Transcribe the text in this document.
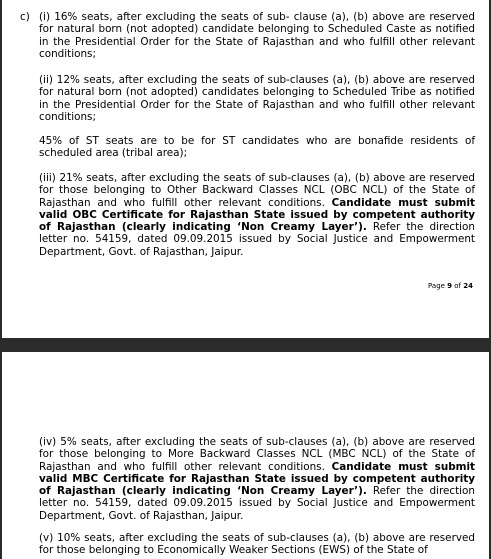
c) (i) 16% seats, after excluding the seats of sub- clause (a), (b) above are reserved for natural born (not adopted) candidate belonging to Scheduled Caste as notified in the Presidential Order for the State of Rajasthan and who fulfill other relevant conditions;

(ii) 12% seats, after excluding the seats of sub-clauses (a), (b) above are reserved for natural born (not adopted) candidates belonging to Scheduled Tribe as notified in the Presidential Order for the State of Rajasthan and who fulfill other relevant conditions;

45% of ST seats are to be for ST candidates who are bonafide residents of scheduled area (tribal area);

(iii) 21% seats, after excluding the seats of sub-clauses (a), (b) above are reserved for those belonging to Other Backward Classes NCL (OBC NCL) of the State of Rajasthan and who fulfill other relevant conditions. Candidate must submit valid OBC Certificate for Rajasthan State issued by competent authority of Rajasthan (clearly indicating ‘Non Creamy Layer’). Refer the direction letter no. 54159, dated 09.09.2015 issued by Social Justice and Empowerment Department, Govt. of Rajasthan, Jaipur.

Page 9 of 24

(iv) 5% seats, after excluding the seats of sub-clauses (a), (b) above are reserved for those belonging to More Backward Classes NCL (MBC NCL) of the State of Rajasthan and who fulfill other relevant conditions. Candidate must submit valid MBC Certificate for Rajasthan State issued by competent authority of Rajasthan (clearly indicating ‘Non Creamy Layer’). Refer the direction letter no. 54159, dated 09.09.2015 issued by Social Justice and Empowerment Department, Govt. of Rajasthan, Jaipur.

(v) 10% seats, after excluding the seats of sub-clauses (a), (b) above are reserved for those belonging to Economically Weaker Sections (EWS) of the State of
